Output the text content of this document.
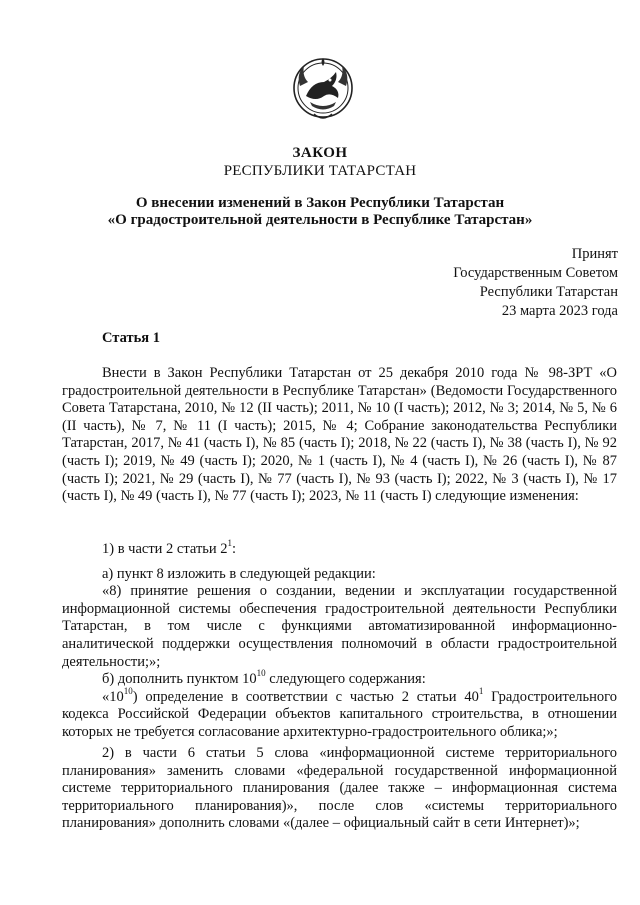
ЗАКОН
РЕСПУБЛИКИ ТАТАРСТАН
О внесении изменений в Закон Республики Татарстан
«О градостроительной деятельности в Республике Татарстан»
Принят
Государственным Советом
Республики Татарстан
23 марта 2023 года
Статья 1
Внести в Закон Республики Татарстан от 25 декабря 2010 года № 98-ЗРТ «О градостроительной деятельности в Республике Татарстан» (Ведомости Государственного Совета Татарстана, 2010, № 12 (II часть); 2011, № 10 (I часть); 2012, № 3; 2014, № 5, № 6 (II часть), № 7, № 11 (I часть); 2015, № 4; Собрание законодательства Республики Татарстан, 2017, № 41 (часть I), № 85 (часть I); 2018, № 22 (часть I), № 38 (часть I), № 92 (часть I); 2019, № 49 (часть I); 2020, № 1 (часть I), № 4 (часть I), № 26 (часть I), № 87 (часть I); 2021, № 29 (часть I), № 77 (часть I), № 93 (часть I); 2022, № 3 (часть I), № 17 (часть I), № 49 (часть I), № 77 (часть I); 2023, № 11 (часть I) следующие изменения:

1) в части 2 статьи $2^1$:

а) пункт 8 изложить в следующей редакции:

«8) принятие решения о создании, ведении и эксплуатации государственной информационной системы обеспечения градостроительной деятельности Республики Татарстан, в том числе с функциями автоматизированной информационно-аналитической поддержки осуществления полномочий в области градостроительной деятельности;»;

б) дополнить пунктом $10^{10}$ следующего содержания:

«$10^{10}$) определение в соответствии с частью 2 статьи $40^1$ Градостроительного кодекса Российской Федерации объектов капитального строительства, в отношении которых не требуется согласование архитектурно-градостроительного облика;»;

2) в части 6 статьи 5 слова «информационной системе территориального планирования» заменить словами «федеральной государственной информационной системе территориального планирования (далее также – информационная система территориального планирования)», после слов «системы территориального планирования» дополнить словами «(далее – официальный сайт в сети Интернет)»;
